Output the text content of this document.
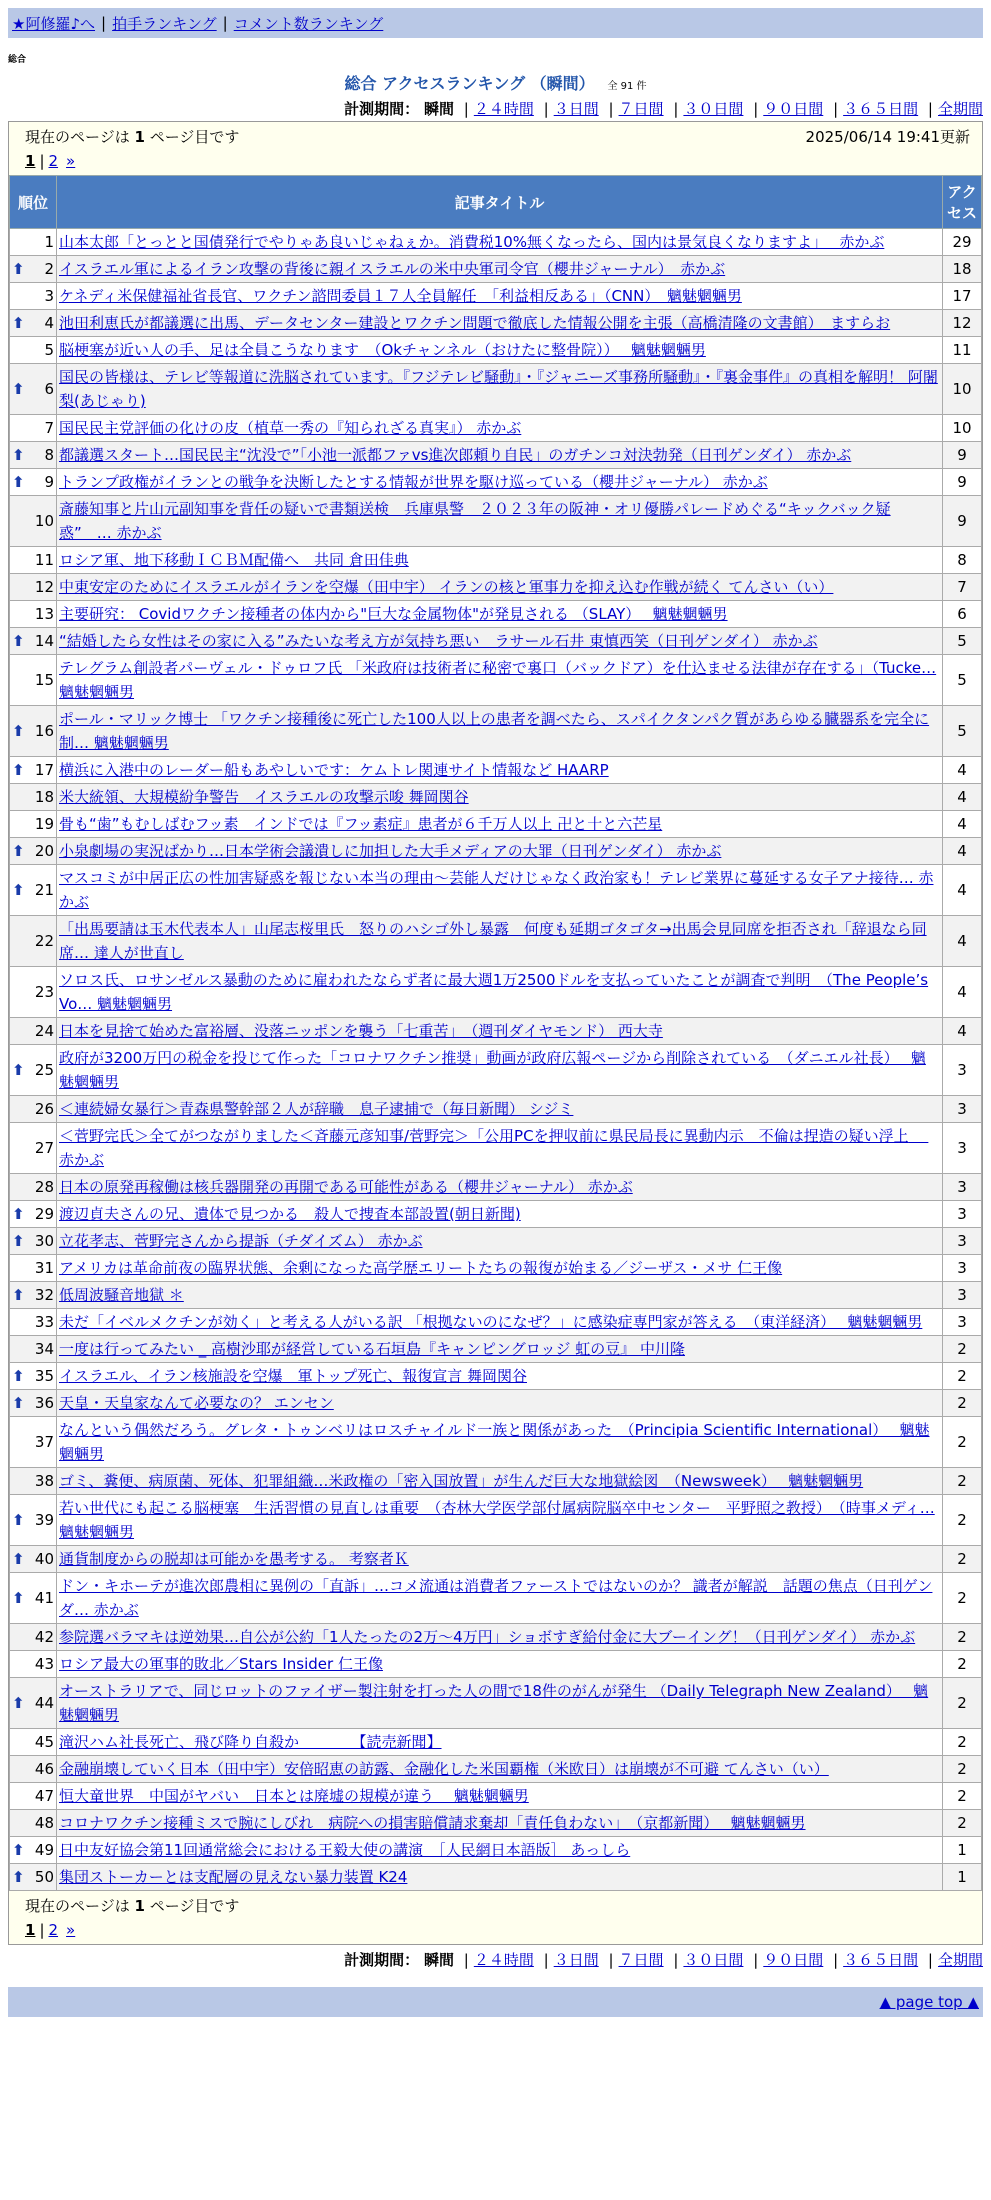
★阿修羅♪へ | 拍手ランキング | コメント数ランキング
総合
総合 アクセスランキング （瞬間） 全 91 件
計測期間： 瞬間 | ２４時間 | ３日間 | ７日間 | ３０日間 | ９０日間 | ３６５日間 | 全期間
現在のページは 1 ページ目です	2025/06/14 19:41更新
1 | 2 »
順位	記事タイトル	アクセス
1	山本太郎「とっとと国債発行でやりゃあ良いじゃねぇか。消費税10%無くなったら、国内は景気良くなりますよ」　 赤かぶ	29

⬆ 2	イスラエル軍によるイラン攻撃の背後に親イスラエルの米中央軍司令官（櫻井ジャーナル）　赤かぶ	18
3	ケネディ米保健福祉省長官、ワクチン諮問委員１７人全員解任　「利益相反ある」（CNN）　魑魅魍魎男	17

⬆ 4	池田利恵氏が都議選に出馬、データセンター建設とワクチン問題で徹底した情報公開を主張（高橋清隆の文書館）　ますらお	12
5	脳梗塞が近い人の手、足は全員こうなります　（Okチャンネル（おけたに整骨院））　 魑魅魍魎男	11

⬆ 6	国民の皆様は、テレビ等報道に洗脳されています。『フジテレビ騒動』・『ジャニーズ事務所騒動』・『裏金事件』の真相を解明！ 阿闍梨(あじゃり)	10
7	国民民主党評価の化けの皮（植草一秀の『知られざる真実』） 赤かぶ	10

⬆ 8	都議選スタート…国民民主“沈没で”「小池一派都ファvs進次郎頼り自民」のガチンコ対決勃発（日刊ゲンダイ） 赤かぶ	9

⬆ 9	トランプ政権がイランとの戦争を決断したとする情報が世界を駆け巡っている（櫻井ジャーナル） 赤かぶ	9
10	斎藤知事と片山元副知事を背任の疑いで書類送検　兵庫県警　２０２３年の阪神・オリ優勝パレードめぐる“キックバック疑惑”　… 赤かぶ	9
11	ロシア軍、地下移動ＩＣＢＭ配備へ　共同 倉田佳典	8
12	中東安定のためにイスラエルがイランを空爆（田中宇） イランの核と軍事力を抑え込む作戦が続く てんさい（い）	7
13	主要研究： Covidワクチン接種者の体内から"巨大な金属物体"が発見される （SLAY）　 魑魅魍魎男	6

⬆ 14	“結婚したら女性はその家に入る”みたいな考え方が気持ち悪い　ラサール石井 東慎西笑（日刊ゲンダイ） 赤かぶ	5
15	テレグラム創設者パーヴェル・ドゥロフ氏 「米政府は技術者に秘密で裏口（バックドア）を仕込ませる法律が存在する」（Tucke… 魑魅魍魎男	5

⬆ 16	ポール・マリック博士 「ワクチン接種後に死亡した100人以上の患者を調べたら、スパイクタンパク質があらゆる臓器系を完全に制… 魑魅魍魎男	5

⬆ 17	横浜に入港中のレーダー船もあやしいです：ケムトレ関連サイト情報など HAARP	4
18	米大統領、大規模紛争警告　イスラエルの攻撃示唆 舞岡関谷	4
19	骨も“歯”もむしばむフッ素　インドでは『フッ素症』患者が６千万人以上 卍と十と六芒星	4

⬆ 20	小泉劇場の実況ばかり…日本学術会議潰しに加担した大手メディアの大罪（日刊ゲンダイ） 赤かぶ	4

⬆ 21	マスコミが中居正広の性加害疑惑を報じない本当の理由〜芸能人だけじゃなく政治家も！テレビ業界に蔓延する女子アナ接待… 赤かぶ	4
22	「出馬要請は玉木代表本人」山尾志桜里氏　怒りのハシゴ外し暴露　何度も延期ゴタゴタ→出馬会見同席を拒否され「辞退なら同席… 達人が世直し	4
23	ソロス氏、ロサンゼルス暴動のために雇われたならず者に最大週1万2500ドルを支払っていたことが調査で判明　（The People’s Vo… 魑魅魍魎男	4
24	日本を見捨て始めた富裕層、没落ニッポンを襲う「七重苦」　（週刊ダイヤモンド） 西大寺	4

⬆ 25	政府が3200万円の税金を投じて作った「コロナワクチン推奨」動画が政府広報ページから削除されている　（ダニエル社長）　 魑魅魍魎男	3
26	＜連続婦女暴行＞青森県警幹部２人が辞職　息子逮捕で（毎日新聞） シジミ	3
27	＜菅野完氏＞全てがつながりました＜斉藤元彦知事/菅野完＞「公用PCを押収前に県民局長に異動内示　不倫は捏造の疑い浮上　 赤かぶ	3
28	日本の原発再稼働は核兵器開発の再開である可能性がある（櫻井ジャーナル） 赤かぶ	3

⬆ 29	渡辺貞夫さんの兄、遺体で見つかる　殺人で捜査本部設置(朝日新聞)	3

⬆ 30	立花孝志、菅野完さんから提訴（チダイズム） 赤かぶ	3
31	アメリカは革命前夜の臨界状態、余剰になった高学歴エリートたちの報復が始まる／ジーザス・メサ 仁王像	3

⬆ 32	低周波騒音地獄 ＊	3
33	未だ「イベルメクチンが効く」と考える人がいる訳 「根拠ないのになぜ？」に感染症専門家が答える　（東洋経済）　 魑魅魍魎男	3
34	一度は行ってみたい _ 高樹沙耶が経営している石垣島『キャンピングロッジ 虹の豆』 中川隆	2

⬆ 35	イスラエル、イラン核施設を空爆　軍トップ死亡、報復宣言 舞岡関谷	2

⬆ 36	天皇・天皇家なんて必要なの？ エンセン	2
37	なんという偶然だろう。グレタ・トゥンベリはロスチャイルド一族と関係があった　（Principia Scientific International）　 魑魅魍魎男	2
38	ゴミ、糞便、病原菌、死体、犯罪組織…米政権の「密入国放置」が生んだ巨大な地獄絵図　（Newsweek）　 魑魅魍魎男	2

⬆ 39	若い世代にも起こる脳梗塞　生活習慣の見直しは重要　（杏林大学医学部付属病院脳卒中センター　平野照之教授）　（時事メディ… 魑魅魍魎男	2

⬆ 40	通貨制度からの脱却は可能かを愚考する。 考察者Ｋ	2

⬆ 41	ドン・キホーテが進次郎農相に異例の「直訴」…コメ流通は消費者ファーストではないのか？ 識者が解説　話題の焦点（日刊ゲンダ… 赤かぶ	2
42	参院選バラマキは逆効果…自公が公約「1人たったの2万〜4万円」ショボすぎ給付金に大ブーイング！（日刊ゲンダイ） 赤かぶ	2
43	ロシア最大の軍事的敗北／Stars Insider 仁王像	2

⬆ 44	オーストラリアで、同じロットのファイザー製注射を打った人の間で18件のがんが発生 （Daily Telegraph New Zealand）　 魑魅魍魎男	2
45	滝沢ハム社長死亡、飛び降り自殺か　　　　【読売新聞】	2
46	金融崩壊していく日本（田中宇）安倍昭恵の訪露、金融化した米国覇権（米欧日）は崩壊が不可避 てんさい（い）	2
47	恒大童世界　中国がヤバい　日本とは廃墟の規模が違う　 魑魅魍魎男	2
48	コロナワクチン接種ミスで腕にしびれ　病院への損害賠償請求棄却「責任負わない」　（京都新聞）　 魑魅魍魎男	2

⬆ 49	日中友好協会第11回通常総会における王毅大使の講演　［人民網日本語版］ あっしら	1

⬆ 50	集団ストーカーとは支配層の見えない暴力装置 K24	1
現在のページは 1 ページ目です
1 | 2 »
計測期間： 瞬間 | ２４時間 | ３日間 | ７日間 | ３０日間 | ９０日間 | ３６５日間 | 全期間
▲ page top ▲
